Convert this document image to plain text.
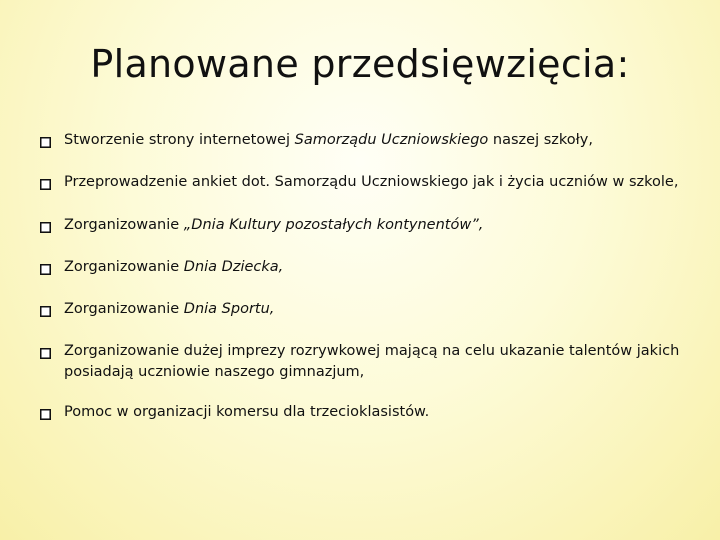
Planowane przedsięwzięcia:
Stworzenie strony internetowej Samorządu Uczniowskiego naszej szkoły,
Przeprowadzenie ankiet dot. Samorządu Uczniowskiego jak i życia uczniów w szkole,
Zorganizowanie „Dnia Kultury pozostałych kontynentów”,
Zorganizowanie Dnia Dziecka,
Zorganizowanie Dnia Sportu,
Zorganizowanie dużej imprezy rozrywkowej mającą na celu ukazanie talentów jakich posiadają uczniowie naszego gimnazjum,
Pomoc w organizacji komersu dla trzecioklasistów.
